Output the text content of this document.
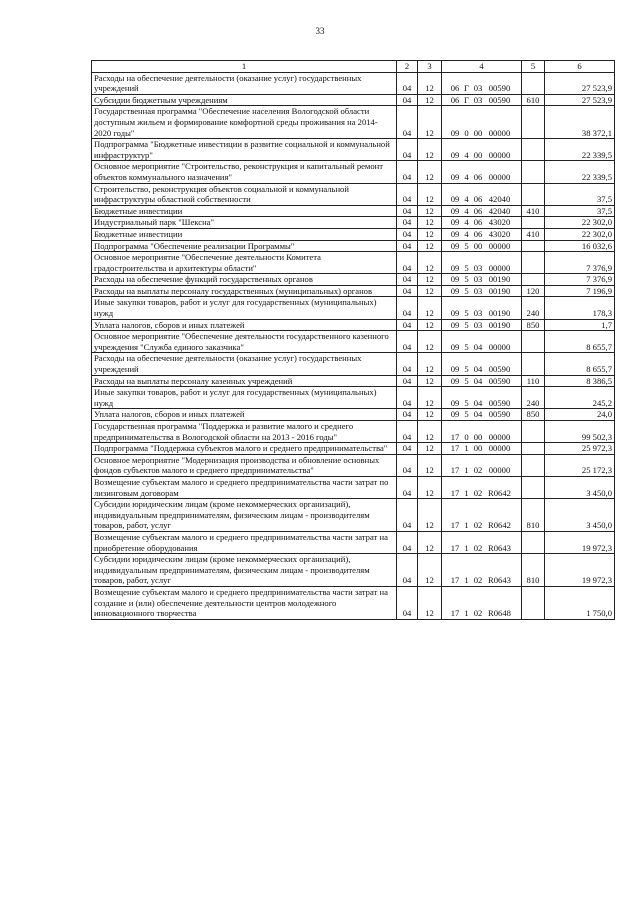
33
1	2	3	4	5	6
Расходы на обеспечение деятельности (оказание услуг) государственных учреждений	04	12	06 Г 03 00590		27 523,9
Субсидии бюджетным учреждениям	04	12	06 Г 03 00590	610	27 523,9
Государственная программа "Обеспечение населения Вологодской области доступным жильем и формирование комфортной среды проживания на 2014-2020 годы"	04	12	09 0 00 00000		38 372,1
Подпрограмма "Бюджетные инвестиции в развитие социальной и коммунальной инфраструктур"	04	12	09 4 00 00000		22 339,5
Основное мероприятие "Строительство, реконструкция и капитальный ремонт объектов коммунального назначения"	04	12	09 4 06 00000		22 339,5
Строительство, реконструкция объектов социальной и коммунальной инфраструктуры областной собственности	04	12	09 4 06 42040		37,5
Бюджетные инвестиции	04	12	09 4 06 42040	410	37,5
Индустриальный парк "Шексна"	04	12	09 4 06 43020		22 302,0
Бюджетные инвестиции	04	12	09 4 06 43020	410	22 302,0
Подпрограмма "Обеспечение реализации Программы"	04	12	09 5 00 00000		16 032,6
Основное мероприятие "Обеспечение деятельности Комитета градостроительства и архитектуры области"	04	12	09 5 03 00000		7 376,9
Расходы на обеспечение функций государственных органов	04	12	09 5 03 00190		7 376,9
Расходы на выплаты персоналу государственных (муниципальных) органов	04	12	09 5 03 00190	120	7 196,9
Иные закупки товаров, работ и услуг для государственных (муниципальных) нужд	04	12	09 5 03 00190	240	178,3
Уплата налогов, сборов и иных платежей	04	12	09 5 03 00190	850	1,7
Основное мероприятие "Обеспечение деятельности государственного казенного учреждения "Служба единого заказчика"	04	12	09 5 04 00000		8 655,7
Расходы на обеспечение деятельности (оказание услуг) государственных учреждений	04	12	09 5 04 00590		8 655,7
Расходы на выплаты персоналу казенных учреждений	04	12	09 5 04 00590	110	8 386,5
Иные закупки товаров, работ и услуг для государственных (муниципальных) нужд	04	12	09 5 04 00590	240	245,2
Уплата налогов, сборов и иных платежей	04	12	09 5 04 00590	850	24,0
Государственная программа "Поддержка и развитие малого и среднего предпринимательства в Вологодской области на 2013 - 2016 годы"	04	12	17 0 00 00000		99 502,3
Подпрограмма "Поддержка субъектов малого и среднего предпринимательства"	04	12	17 1 00 00000		25 972,3
Основное мероприятие "Модернизация производства и обновление основных фондов субъектов малого и среднего предпринимательства"	04	12	17 1 02 00000		25 172,3
Возмещение субъектам малого и среднего предпринимательства части затрат по лизинговым договорам	04	12	17 1 02 R0642		3 450,0
Субсидии юридическим лицам (кроме некоммерческих организаций), индивидуальным предпринимателям, физическим лицам - производителям товаров, работ, услуг	04	12	17 1 02 R0642	810	3 450,0
Возмещение субъектам малого и среднего предпринимательства части затрат на приобретение оборудования	04	12	17 1 02 R0643		19 972,3
Субсидии юридическим лицам (кроме некоммерческих организаций), индивидуальным предпринимателям, физическим лицам - производителям товаров, работ, услуг	04	12	17 1 02 R0643	810	19 972,3
Возмещение субъектам малого и среднего предпринимательства части затрат на создание и (или) обеспечение деятельности центров молодежного инновационного творчества	04	12	17 1 02 R0648		1 750,0
